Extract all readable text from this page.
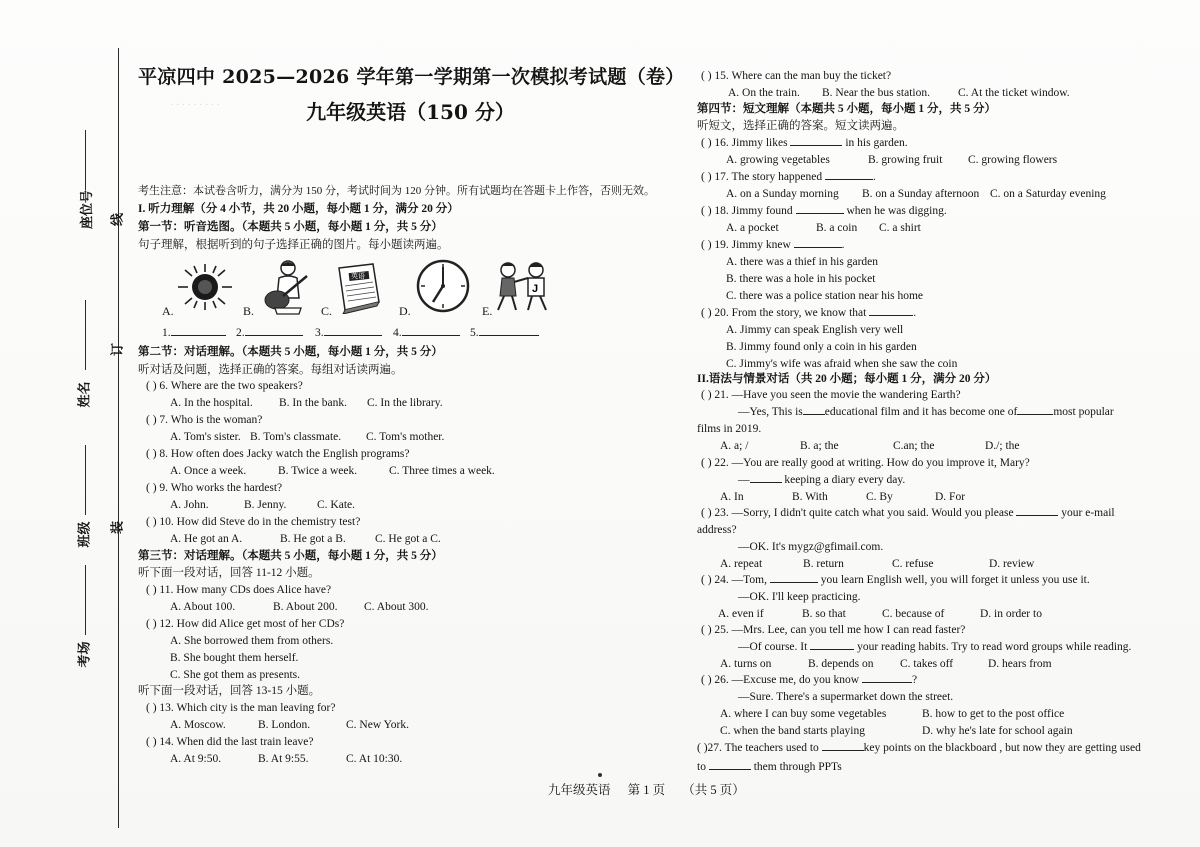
· · · · · · · · ·
线
订
装
座位号
姓名
班级
考场
平凉四中 2025—2026 学年第一学期第一次模拟考试题（卷）
九年级英语（150 分）
考生注意：本试卷含听力，满分为 150 分，考试时间为 120 分钟。所有试题均在答题卡上作答，否则无效。
I. 听力理解（分 4 小节，共 20 小题，每小题 1 分，满分 20 分）
第一节：听音选图。（本题共 5 小题，每小题 1 分，共 5 分）
句子理解，根据听到的句子选择正确的图片。每小题读两遍。
英语
J
A.	B.	C.	D.	E.
1.	2.	3.	4.	5.
第二节：对话理解。（本题共 5 小题，每小题 1 分，共 5 分）
听对话及问题，选择正确的答案。每组对话读两遍。
( ) 6. Where are the two speakers?
A. In the hospital. B. In the bank. C. In the library.
( ) 7. Who is the woman?
A. Tom's sister. B. Tom's classmate. C. Tom's mother.
( ) 8. How often does Jacky watch the English programs?
A. Once a week.	B. Twice a week.	C. Three times a week.
( ) 9. Who works the hardest?
A. John.	B. Jenny.	C. Kate.
( ) 10. How did Steve do in the chemistry test?
A. He got an A.	B. He got a B.	C. He got a C.
第三节：对话理解。（本题共 5 小题，每小题 1 分，共 5 分）
听下面一段对话，回答 11-12 小题。
( ) 11. How many CDs does Alice have?
A. About 100.	B. About 200. C. About 300.
( ) 12. How did Alice get most of her CDs?
A. She borrowed them from others.
B. She bought them herself.
C. She got them as presents.
听下面一段对话，回答 13-15 小题。
( ) 13. Which city is the man leaving for?
A. Moscow.	B. London.	C. New York.
( ) 14. When did the last train leave?
A. At 9:50.	B. At 9:55.	C. At 10:30.
( ) 15. Where can the man buy the ticket?
A. On the train. B. Near the bus station. C. At the ticket window.
第四节：短文理解（本题共 5 小题，每小题 1 分，共 5 分）
听短文，选择正确的答案。短文读两遍。
( ) 16. Jimmy likes	in his garden.
A. growing vegetables	B. growing fruit C. growing flowers
( ) 17. The story happened	.
A. on a Sunday morning B. on a Sunday afternoon C. on a Saturday evening
( ) 18. Jimmy found	when he was digging.
A. a pocket	B. a coin C. a shirt
( ) 19. Jimmy knew	.
A. there was a thief in his garden
B. there was a hole in his pocket
C. there was a police station near his home
( ) 20. From the story, we know that	.
A. Jimmy can speak English very well
B. Jimmy found only a coin in his garden
C. Jimmy's wife was afraid when she saw the coin
II.语法与情景对话（共 20 小题；每小题 1 分，满分 20 分）
( ) 21. —Have you seen the movie the wandering Earth?
—Yes, This is educational film and it has become one of	most popular
films in 2019.
A. a; /	B. a; the	C.an; the	D./; the
( ) 22. —You are really good at writing. How do you improve it, Mary?
—	keeping a diary every day.
A. In	B. With	C. By	D. For
( ) 23. —Sorry, I didn't quite catch what you said. Would you please	your e-mail
address?
—OK. It's mygz@gfimail.com.
A. repeat	B. return	C. refuse	D. review
( ) 24. —Tom,	you learn English well, you will forget it unless you use it.
—OK. I'll keep practicing.
A. even if	B. so that	C. because of	D. in order to
( ) 25. —Mrs. Lee, can you tell me how I can read faster?
—Of course. It	your reading habits. Try to read word groups while reading.
A. turns on	B. depends on C. takes off	D. hears from
( ) 26. —Excuse me, do you know	?
—Sure. There's a supermarket down the street.
A. where I can buy some vegetables	B. how to get to the post office
C. when the band starts playing	D. why he's late for school again
( )27. The teachers used to	key points on the blackboard , but now they are getting used
to	them through PPTs
九年级英语 第 1 页 （共 5 页）
